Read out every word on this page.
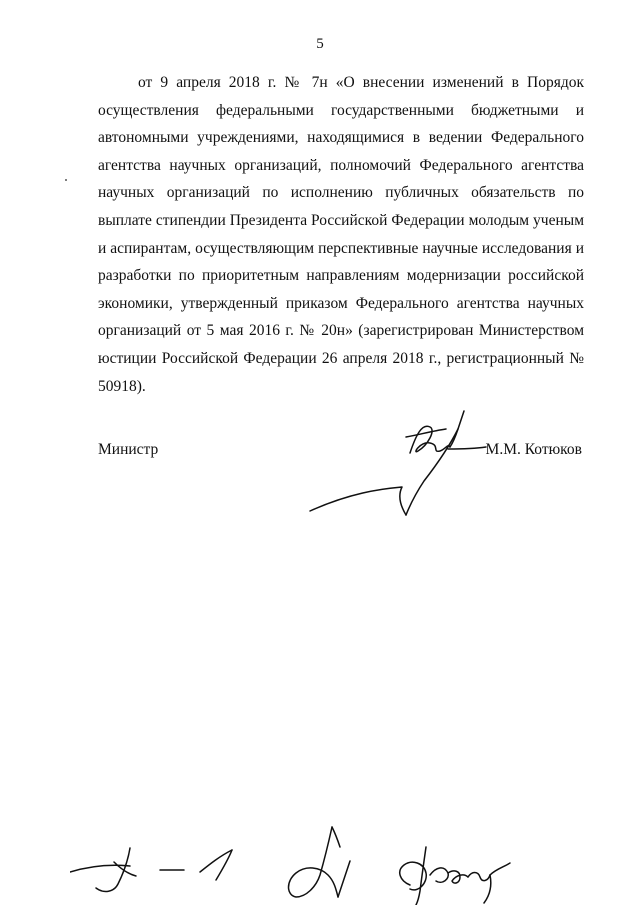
5

от 9 апреля 2018 г. № 7н «О внесении изменений в Порядок осуществления федеральными государственными бюджетными и автономными учреждениями, находящимися в ведении Федерального агентства научных организаций, полномочий Федерального агентства научных организаций по исполнению публичных обязательств по выплате стипендии Президента Российской Федерации молодым ученым и аспирантам, осуществляющим перспективные научные исследования и разработки по приоритетным направлениям модернизации российской экономики, утвержденный приказом Федерального агентства научных организаций от 5 мая 2016 г. № 20н» (зарегистрирован Министерством юстиции Российской Федерации 26 апреля 2018 г., регистрационный № 50918).

Министр	М.М. Котюков
